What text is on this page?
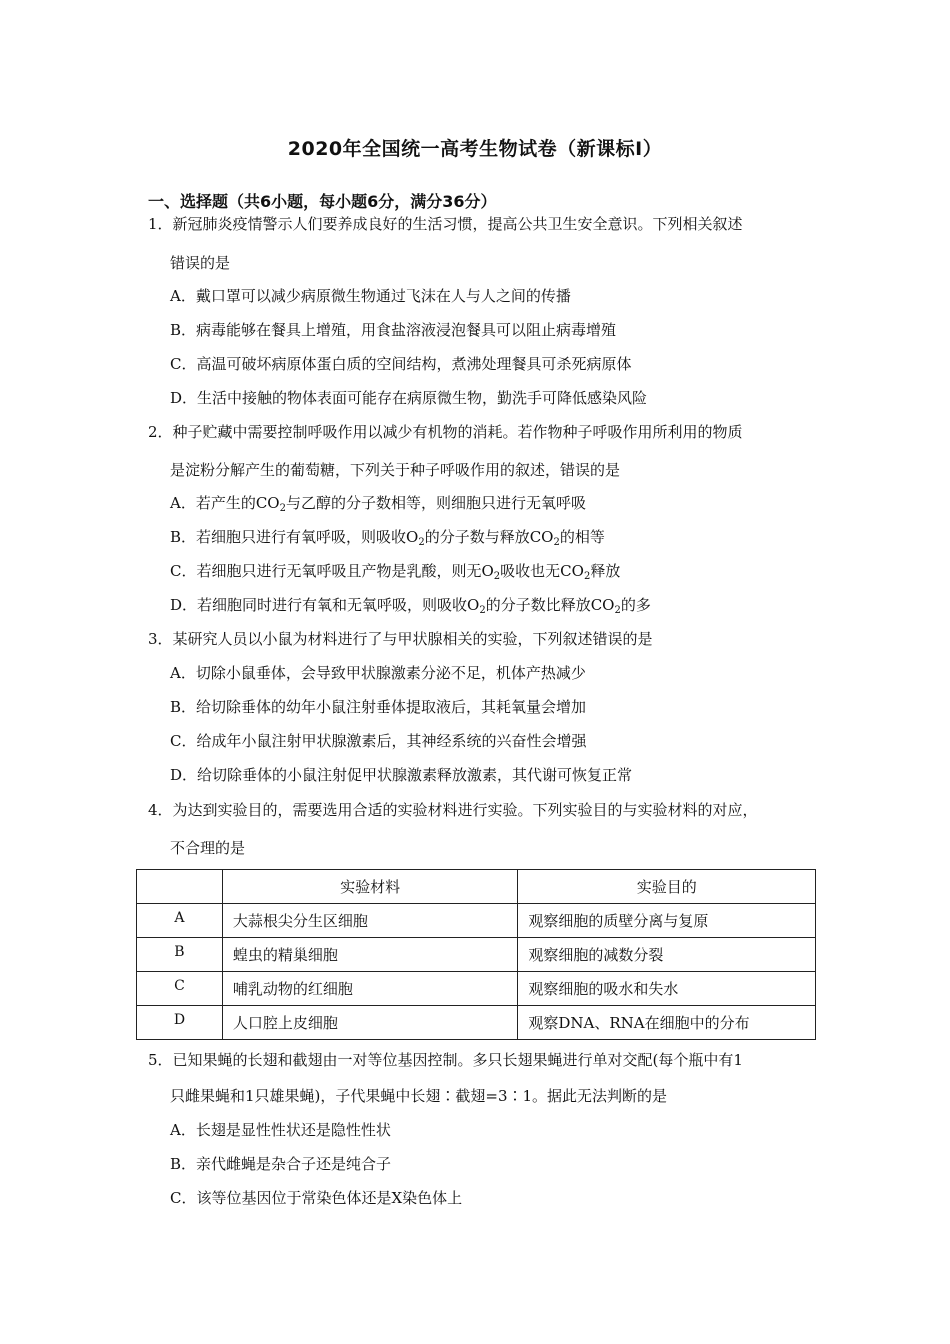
2020年全国统一高考生物试卷（新课标Ⅰ）
一、选择题（共6小题，每小题6分，满分36分）
1．新冠肺炎疫情警示人们要养成良好的生活习惯，提高公共卫生安全意识。下列相关叙述
错误的是
A．戴口罩可以减少病原微生物通过飞沫在人与人之间的传播
B．病毒能够在餐具上增殖，用食盐溶液浸泡餐具可以阻止病毒增殖
C．高温可破坏病原体蛋白质的空间结构，煮沸处理餐具可杀死病原体
D．生活中接触的物体表面可能存在病原微生物，勤洗手可降低感染风险
2．种子贮藏中需要控制呼吸作用以减少有机物的消耗。若作物种子呼吸作用所利用的物质
是淀粉分解产生的葡萄糖，下列关于种子呼吸作用的叙述，错误的是
A．若产生的$CO_2$与乙醇的分子数相等，则细胞只进行无氧呼吸
B．若细胞只进行有氧呼吸，则吸收$O_2$的分子数与释放$CO_2$的相等
C．若细胞只进行无氧呼吸且产物是乳酸，则无$O_2$吸收也无$CO_2$释放
D．若细胞同时进行有氧和无氧呼吸，则吸收$O_2$的分子数比释放$CO_2$的多
3．某研究人员以小鼠为材料进行了与甲状腺相关的实验，下列叙述错误的是
A．切除小鼠垂体，会导致甲状腺激素分泌不足，机体产热减少
B．给切除垂体的幼年小鼠注射垂体提取液后，其耗氧量会增加
C．给成年小鼠注射甲状腺激素后，其神经系统的兴奋性会增强
D．给切除垂体的小鼠注射促甲状腺激素释放激素，其代谢可恢复正常
4．为达到实验目的，需要选用合适的实验材料进行实验。下列实验目的与实验材料的对应，
不合理的是
	实验材料	实验目的
A	大蒜根尖分生区细胞	观察细胞的质壁分离与复原
B	蝗虫的精巢细胞	观察细胞的减数分裂
C	哺乳动物的红细胞	观察细胞的吸水和失水
D	人口腔上皮细胞	观察DNA、RNA在细胞中的分布
5．已知果蝇的长翅和截翅由一对等位基因控制。多只长翅果蝇进行单对交配(每个瓶中有1
只雌果蝇和1只雄果蝇)，子代果蝇中长翅∶截翅=3∶1。据此无法判断的是
A．长翅是显性性状还是隐性性状
B．亲代雌蝇是杂合子还是纯合子
C．该等位基因位于常染色体还是X染色体上
